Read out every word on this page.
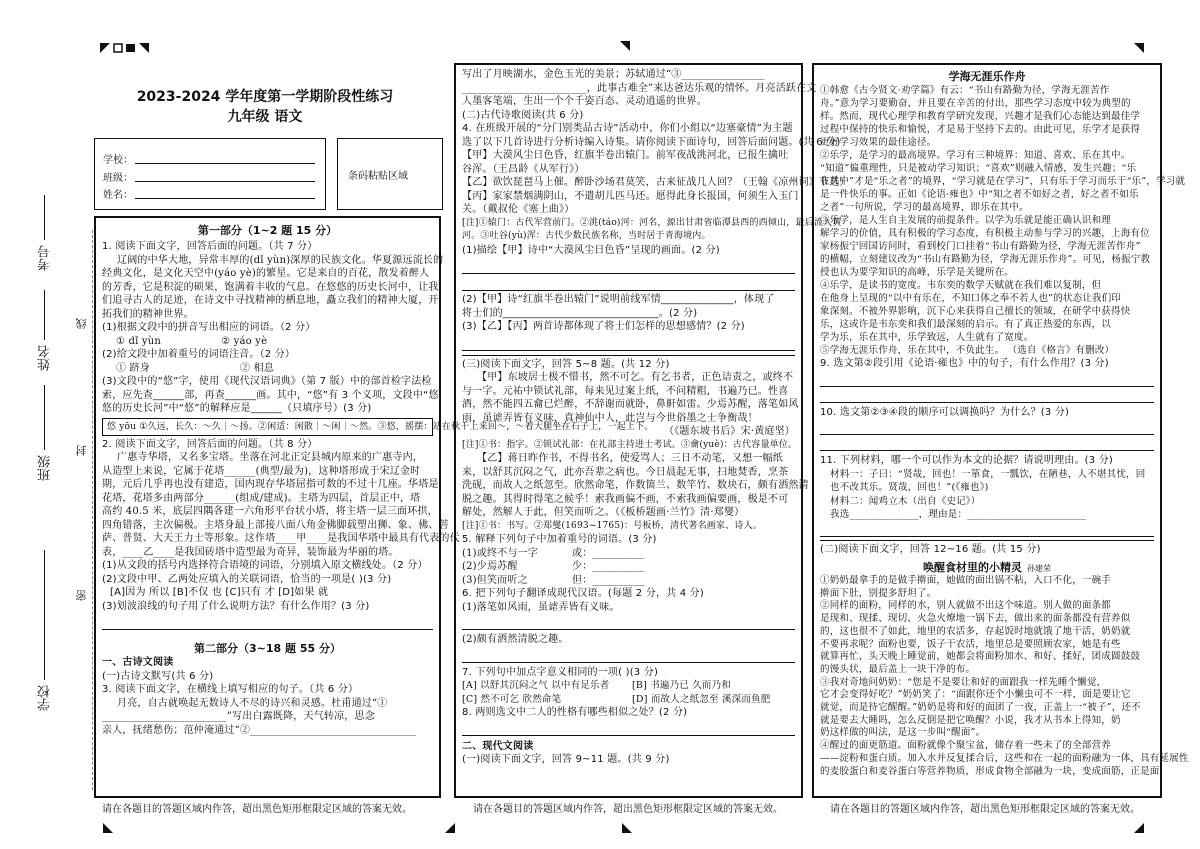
学校
班级
姓名
考号
密
封
线
2023-2024 学年度第一学期阶段性练习
九年级 语文
学校：
班级：
姓名：
条码粘贴区域
第一部分（1~2 题 15 分）
1. 阅读下面文字，回答后面的问题。（共 7 分）
辽阔的中华大地，异常丰厚的(dǐ yùn)深厚的民族文化。华夏源远流长的
经典文化，是文化天空中(yáo yè)的繁星。它是来自的百花，散发着醉人
的芳香，它是积淀的硕果，饱满着丰收的气息。在悠悠的历史长河中，让我
们追寻古人的足迹，在诗文中寻找精神的栖息地，矗立我们的精神大厦，开
拓我们的精神世界。
(1)根据文段中的拼音写出相应的词语。（2 分）
① dǐ yùn	② yáo yè
(2)给文段中加着重号的词语注音。（2 分）
① 跻身	② 相息
(3)文段中的“悠”字，使用《现代汉语词典》（第 7 版）中的部首检字法检
索，应先查______部，再查______画。其中，“悠”有 3 个义项，文段中“悠
悠的历史长河”中“悠”的解释应是______（只填序号）(3 分)
悠 yōu ①久远，长久：～久｜～扬。②闲适：闲散｜～闲｜～然。③悠，摇摆：站在秋千上来回～，～着大腿坐在石子上，一起上下。
2. 阅读下面文字，回答后面的问题。（共 8 分）
广惠寺华塔，又名多宝塔。坐落在河北正定县城内原来的广惠寺内，
从造型上来说，它属于花塔______(典型/最为)，这种塔形成于宋辽金时
期，元后几乎再也没有建造，国内现存华塔屈指可数的不过十几座。华塔是
花塔，花塔多由两部分______(组成/建成)。主塔为四层，首层正中，塔
高约 40.5 米，底层四隅各建一六角形平台状小塔，将主塔一层三面环拱，
四角错落，主次偏极。主塔身最上部接八面八角金佛脚载塑出狮、象、佛、菩
萨、普贤、大天王力士等形象。这作塔____甲____是我国华塔中最具有代表的代
表，____乙____是我国砖塔中造型最为奇异，装饰最为华丽的塔。
(1)从文段的括号内选择符合语境的词语，分别填入原文横线处。（2 分）
(2)文段中甲、乙两处应填入的关联词语，恰当的一项是( )(3 分)
[A]因为 所以 [B]不仅 也 [C]只有 才 [D]如果 就
(3)划波浪线的句子用了什么说明方法？有什么作用？(3 分)
第二部分（3~18 题 55 分）
一、古诗文阅读
(一)古诗文默写(共 6 分)
3. 阅读下面文字，在横线上填写相应的句子。（共 6 分）
月亮，自古就唤起无数诗人不尽的诗兴和灵感。杜甫通过“①
________________________”写出白露既降，天气转凉，思念
亲人，抚绪愁伤；范仲淹通过“②________________________________
请在各题目的答题区域内作答，超出黑色矩形框限定区域的答案无效。
写出了月映湖水，金色玉光的美景；苏轼通过“③________________
________________________，此事古难全”来达爸达乐观的情怀。月亮活跃在文
人墨客笔端，生出一个个千姿百态、灵动逍遥的世界。
(二)古代诗歌阅读(共 6 分)
4. 在班级开展的“分门别类品古诗”活动中，你们小组以“边塞豪情”为主题
选了以下几首诗进行分析诗编入诗集。请你阅读下面诗句，回答后面问题。(共 6 分)
【甲】大漠风尘日色昏，红旗半卷出辕门。前军夜战洮河北，已报生擒吐
谷浑。（王昌龄《从军行》）
【乙】欲饮琵琶马上催。醉卧沙场君莫笑，古来征战几人回？（王翰《凉州词》节选）
【丙】家家禁烟满阴山，不遣胡儿匹马还。愿得此身长报国，何须生入玉门
关。（戴叔伦《塞上曲》）
[注]①辕门：古代军营前门。②洮(táo)河：河名，源出甘肃省临潭县西的西倾山，最后流入黄
河。③吐谷(yù)浑：古代少数民族名称，当时居于青海境内。
(1)描绘【甲】诗中“大漠风尘日色昏”呈现的画面。(2 分)
(2)【甲】诗“红旗半卷出辕门”说明前线军情______________，体现了
将士们的______________________________。(2 分)
(3)【乙】【丙】两首诗都体现了将士们怎样的思想感情？(2 分)
(三)阅读下面文字，回答 5~8 题。(共 12 分)
【甲】东坡居士极不惜书，然不可乞。有乞书者，正色诘责之，或终不
与一字。元祐中锁试礼部，每来见过案上纸，不问精粗，书遍乃已。性喜
酒，然不能四五龠已烂醉，不辞谢而就卧，鼻鼾如雷。少焉苏醒，落笔如风
雨，虽谑弄皆有义味，真神仙中人，此岂与今世俗墨之士争衡哉！
（《题东坡书后》宋·黄庭坚）
[注]①书：指字。②锁试礼部：在礼部主持进士考试。③龠(yuè)：古代容量单位。
【乙】蒋日昨作书，不得书名，使爱骂人；三日不动笔，又想一幅纸
来，以舒其沉闷之气，此亦吾辈之病也。今日晨起无事，扫地焚香，烹茶
洗砚，而故人之纸忽至。欣然命笔，作数箇兰、数竿竹、数块石，颇有洒然清
脱之趣。其得时得笔之候乎！索我画偏不画，不索我画偏要画，极是不可
解处，然解人于此，但笑而听之。（《板桥题画·兰竹》清·郑燮）
[注]①书：书写。②郑燮(1693~1765)：号板桥，清代著名画家、诗人。
5. 解释下列句子中加着重号的词语。(3 分)
(1)或终不与一字	或：__________
(2)少焉苏醒	少：__________
(3)但笑而听之	但：__________
6. 把下列句子翻译成现代汉语。(每题 2 分，共 4 分)
(1)落笔如风雨，虽谑弄皆有义味。
(2)颇有洒然清脱之趣。
7. 下列句中加点字意义相同的一项( )(3 分)
[A] 以舒其沉闷之气 以中有足乐者	[B] 书遍乃已 久而乃和
[C] 然不可乞 欣然命笔	[D] 而故人之纸忽至 溪深而鱼肥
8. 两则选文中二人的性格有哪些相似之处？(2 分)
二、现代文阅读
(一)阅读下面文字，回答 9~11 题。(共 9 分)
请在各题目的答题区域内作答，超出黑色矩形框限定区域的答案无效。
学海无涯乐作舟
①韩愈《古今贤文·劝学篇》有云：“书山有路勤为径，学海无涯苦作
舟。”意为学习要勤奋，并且要在辛苦的付出，那些学习态度中较为典型的
样。然而，现代心理学和教育学研究发现，兴趣才是我们心态能达到最佳学
过程中保持的快乐和愉悦，才是易于坚持下去的。由此可见，乐学才是获得
更好学习效果的最佳途径。
②乐学，是学习的最高境界。学习有三种境界：知道、喜欢、乐在其中。
“知道”偏重理性，只是被动学习知识；“喜欢”则融入情感，发生兴趣；“乐
在其中”才是“乐之者”的境界，“学习就是在学习”，只有乐于学习而乐于“乐”，学习就
是一件快乐的事。正如《论语·雍也》中“知之者不如好之者，好之者不如乐
之者”一句所说，学习的最高境界，即乐在其中。
③乐学，是人生自主发展的前提条件。以学为乐就是能正确认识和理
解学习的价值，具有积极的学习态度，有积极主动参与学习的兴趣，上海有位
家杨振宁回国访问时，看到校门口挂着“书山有路勤为径，学海无涯苦作舟”
的横幅，立刻建议改为“书山有路勤为径，学海无涯乐作舟”。可见，杨振宁教
授也认为要学知识的高峰，乐学是关键所在。
④乐学，是读书的宽度。韦东奕的数学天赋就在我们难以复制，但
在他身上呈现的“以中有乐在，不知口体之奉不若人也”的状态让我们印
象深刻。不被外界影响，沉下心来获得自己擅长的领域，在研学中获得快
乐，这或许是韦东奕和我们最深刻的启示。有了真正热爱的东西，以
学为乐，乐在其中，乐学致远，人生就有了宽度。
⑤学海无涯乐作舟，乐在其中，不负此生。 （选自《格言》有删改）
9. 选文第②段引用《论语·雍也》中的句子，有什么作用？(3 分)
10. 选文第②③④段的顺序可以调换吗？为什么？(3 分)
11. 下列材料，哪一个可以作为本文的论据？请说明理由。(3 分)
材料一：子曰：“贤哉，回也！一箪食，一瓢饮，在陋巷，人不堪其忧，回
也不改其乐。贤哉，回也！”(《雍也》)
材料二：闻鸡立木（出自《史记》）
我选______________，理由是：________________________
(二)阅读下面文字，回答 12~16 题。(共 15 分)
唤醒食材里的小精灵 孙建荣
①奶奶最拿手的是做手擀面，她做的面出锅不粘，入口不化，一碗手
擀面下肚，别提多舒坦了。
②同样的面粉，同样的水，别人就做不出这个味道。别人做的面条都
是现和、现揉、现切、火急火燎地一锅下去，做出来的面条都没有营养似
的，这也很不了如此，地里的农活多，存起饭时地就饿了地干活，奶奶就
不要再求呢？面粉也要，饭子干农活，地里总是要照顾农家，她是有些
就算再忙，头天晚上睡觉前，她都会将面粉加水、和好、揉好，团成圆鼓鼓
的馒头状，最后盖上一块干净的布。
③我对奇地问奶奶：“您是不是要让和好的面跟我一样先睡个懒觉，
它才会变得好吃？”奶奶笑了：“面跟你还个小懒虫可不一样，面是要让它
就觉，而是待它醒醒。”奶奶是将和好的面团了一夜，正盖上一“被子”，还不
就是要去大睡吗，怎么反倒是把它唤醒？小说，我才从书本上得知，奶
奶这样做的叫法，是这一步叫“醒面”。
④醒过的面更筋道。面粉就像个聚宝盆，储存着一些未了的全部营养
——淀粉和蛋白质。加入水并反复揉合后，这些和在一起的面粉融为一体，具有延展性
的麦胶蛋白和麦谷蛋白等营养物质，形成食物全部融为一块，变成面筋，正是面
请在各题目的答题区域内作答，超出黑色矩形框限定区域的答案无效。
